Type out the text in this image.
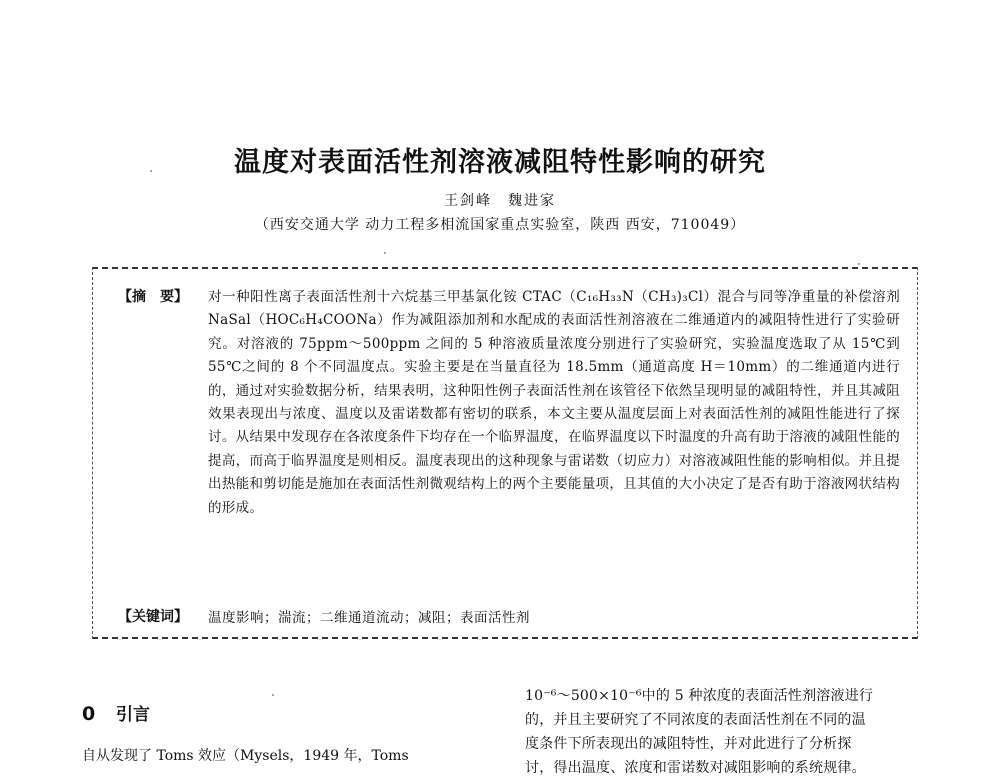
温度对表面活性剂溶液减阻特性影响的研究
王剑峰　魏进家
（西安交通大学 动力工程多相流国家重点实验室，陕西 西安，710049）
【摘　要】 对一种阳性离子表面活性剂十六烷基三甲基氯化铵 CTAC（C₁₆H₃₃N（CH₃)₃Cl）混合与同等净重量的补偿溶剂 NaSal（HOC₆H₄COONa）作为减阻添加剂和水配成的表面活性剂溶液在二维通道内的减阻特性进行了实验研究。对溶液的 75ppm～500ppm 之间的 5 种溶液质量浓度分别进行了实验研究，实验温度选取了从 15℃到 55℃之间的 8 个不同温度点。实验主要是在当量直径为 18.5mm（通道高度 H＝10mm）的二维通道内进行的，通过对实验数据分析，结果表明，这种阳性例子表面活性剂在该管径下依然呈现明显的减阻特性，并且其减阻效果表现出与浓度、温度以及雷诺数都有密切的联系，本文主要从温度层面上对表面活性剂的减阻性能进行了探讨。从结果中发现存在各浓度条件下均存在一个临界温度，在临界温度以下时温度的升高有助于溶液的减阻性能的提高，而高于临界温度是则相反。温度表现出的这种现象与雷诺数（切应力）对溶液减阻性能的影响相似。并且提出热能和剪切能是施加在表面活性剂微观结构上的两个主要能量项，且其值的大小决定了是否有助于溶液网状结构的形成。
【关键词】 温度影响；湍流；二维通道流动；减阻；表面活性剂
0 引言
自从发现了 Toms 效应（Mysels，1949 年，Toms
10⁻⁶～500×10⁻⁶中的 5 种浓度的表面活性剂溶液进行
的，并且主要研究了不同浓度的表面活性剂在不同的温
度条件下所表现出的减阻特性，并对此进行了分析探
讨，得出温度、浓度和雷诺数对减阻影响的系统规律。
